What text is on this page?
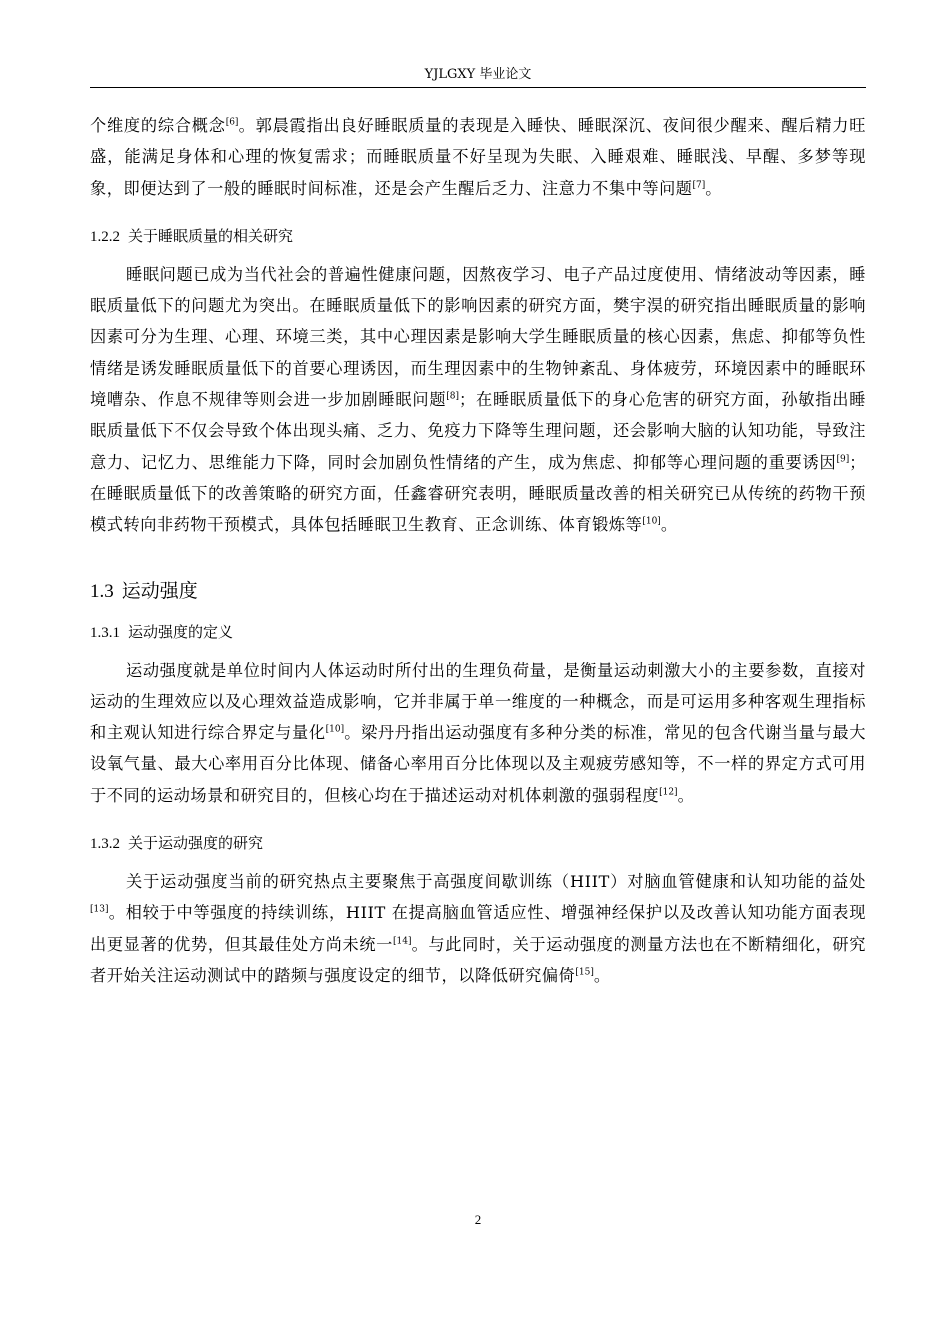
YJLGXY 毕业论文

个维度的综合概念[6]。郭晨霞指出良好睡眠质量的表现是入睡快、睡眠深沉、夜间很少醒来、醒后精力旺盛，能满足身体和心理的恢复需求；而睡眠质量不好呈现为失眠、入睡艰难、睡眠浅、早醒、多梦等现象，即便达到了一般的睡眠时间标准，还是会产生醒后乏力、注意力不集中等问题[7]。

1.2.2 关于睡眠质量的相关研究

睡眠问题已成为当代社会的普遍性健康问题，因熬夜学习、电子产品过度使用、情绪波动等因素，睡眠质量低下的问题尤为突出。在睡眠质量低下的影响因素的研究方面，樊宇淏的研究指出睡眠质量的影响因素可分为生理、心理、环境三类，其中心理因素是影响大学生睡眠质量的核心因素，焦虑、抑郁等负性情绪是诱发睡眠质量低下的首要心理诱因，而生理因素中的生物钟紊乱、身体疲劳，环境因素中的睡眠环境嘈杂、作息不规律等则会进一步加剧睡眠问题[8]；在睡眠质量低下的身心危害的研究方面，孙敏指出睡眠质量低下不仅会导致个体出现头痛、乏力、免疫力下降等生理问题，还会影响大脑的认知功能，导致注意力、记忆力、思维能力下降，同时会加剧负性情绪的产生，成为焦虑、抑郁等心理问题的重要诱因[9]；在睡眠质量低下的改善策略的研究方面，任鑫睿研究表明，睡眠质量改善的相关研究已从传统的药物干预模式转向非药物干预模式，具体包括睡眠卫生教育、正念训练、体育锻炼等[10]。

1.3 运动强度
1.3.1 运动强度的定义

运动强度就是单位时间内人体运动时所付出的生理负荷量，是衡量运动刺激大小的主要参数，直接对运动的生理效应以及心理效益造成影响，它并非属于单一维度的一种概念，而是可运用多种客观生理指标和主观认知进行综合界定与量化[10]。梁丹丹指出运动强度有多种分类的标准，常见的包含代谢当量与最大设氧气量、最大心率用百分比体现、储备心率用百分比体现以及主观疲劳感知等，不一样的界定方式可用于不同的运动场景和研究目的，但核心均在于描述运动对机体刺激的强弱程度[12]。

1.3.2 关于运动强度的研究

关于运动强度当前的研究热点主要聚焦于高强度间歇训练（HIIT）对脑血管健康和认知功能的益处[13]。相较于中等强度的持续训练，HIIT 在提高脑血管适应性、增强神经保护以及改善认知功能方面表现出更显著的优势，但其最佳处方尚未统一[14]。与此同时，关于运动强度的测量方法也在不断精细化，研究者开始关注运动测试中的踏频与强度设定的细节，以降低研究偏倚[15]。

2
